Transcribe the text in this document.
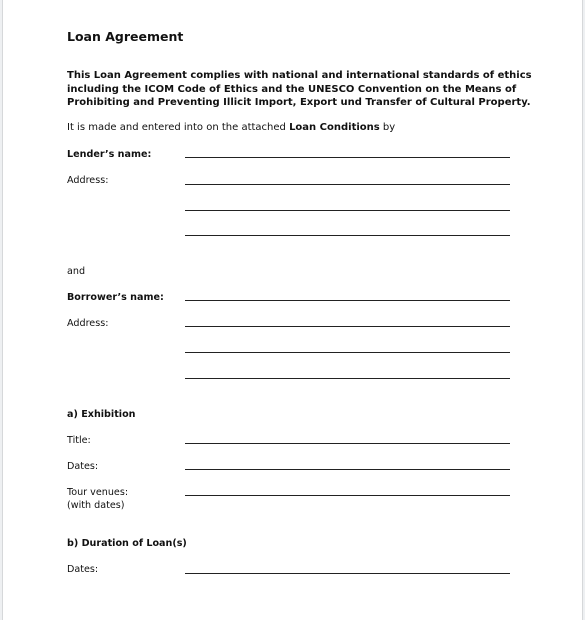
Loan Agreement
This Loan Agreement complies with national and international standards of ethics
including the ICOM Code of Ethics and the UNESCO Convention on the Means of
Prohibiting and Preventing Illicit Import, Export und Transfer of Cultural Property.
It is made and entered into on the attached Loan Conditions by
Lender’s name:
Address:
and
Borrower’s name:
Address:
a) Exhibition
Title:
Dates:
Tour venues:
(with dates)
b) Duration of Loan(s)
Dates:
